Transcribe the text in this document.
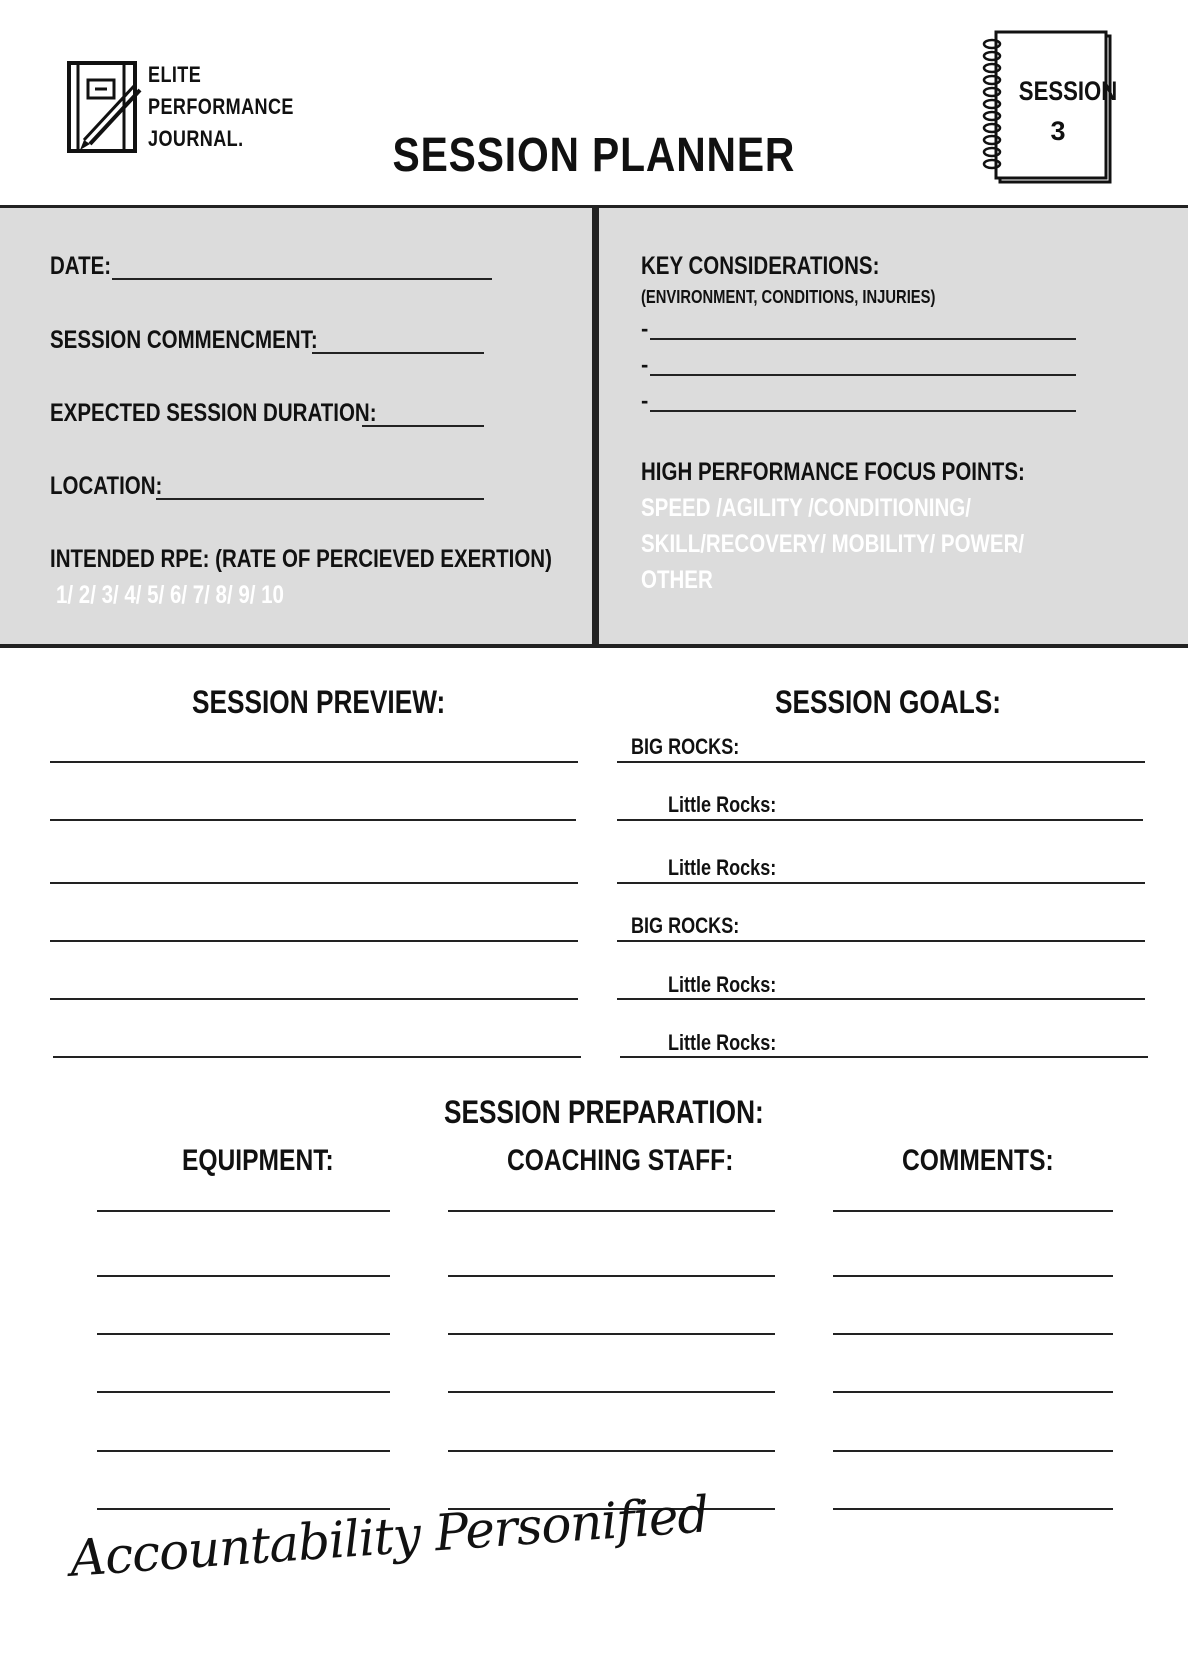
ELITE
PERFORMANCE
JOURNAL.	SESSION PLANNER
SESSION
3
DATE:
SESSION COMMENCMENT:
EXPECTED SESSION DURATION:
LOCATION:
INTENDED RPE: (RATE OF PERCIEVED EXERTION)
1/ 2/ 3/ 4/ 5/ 6/ 7/ 8/ 9/ 10
KEY CONSIDERATIONS:
(ENVIRONMENT, CONDITIONS, INJURIES)
-
-
-
HIGH PERFORMANCE FOCUS POINTS:
SPEED /AGILITY /CONDITIONING/
SKILL/RECOVERY/ MOBILITY/ POWER/
OTHER
SESSION PREVIEW:	SESSION GOALS:
BIG ROCKS:
Little Rocks:
Little Rocks:
BIG ROCKS:
Little Rocks:
Little Rocks:
SESSION PREPARATION:
EQUIPMENT:	COACHING STAFF:	COMMENTS:
Accountability Personified
